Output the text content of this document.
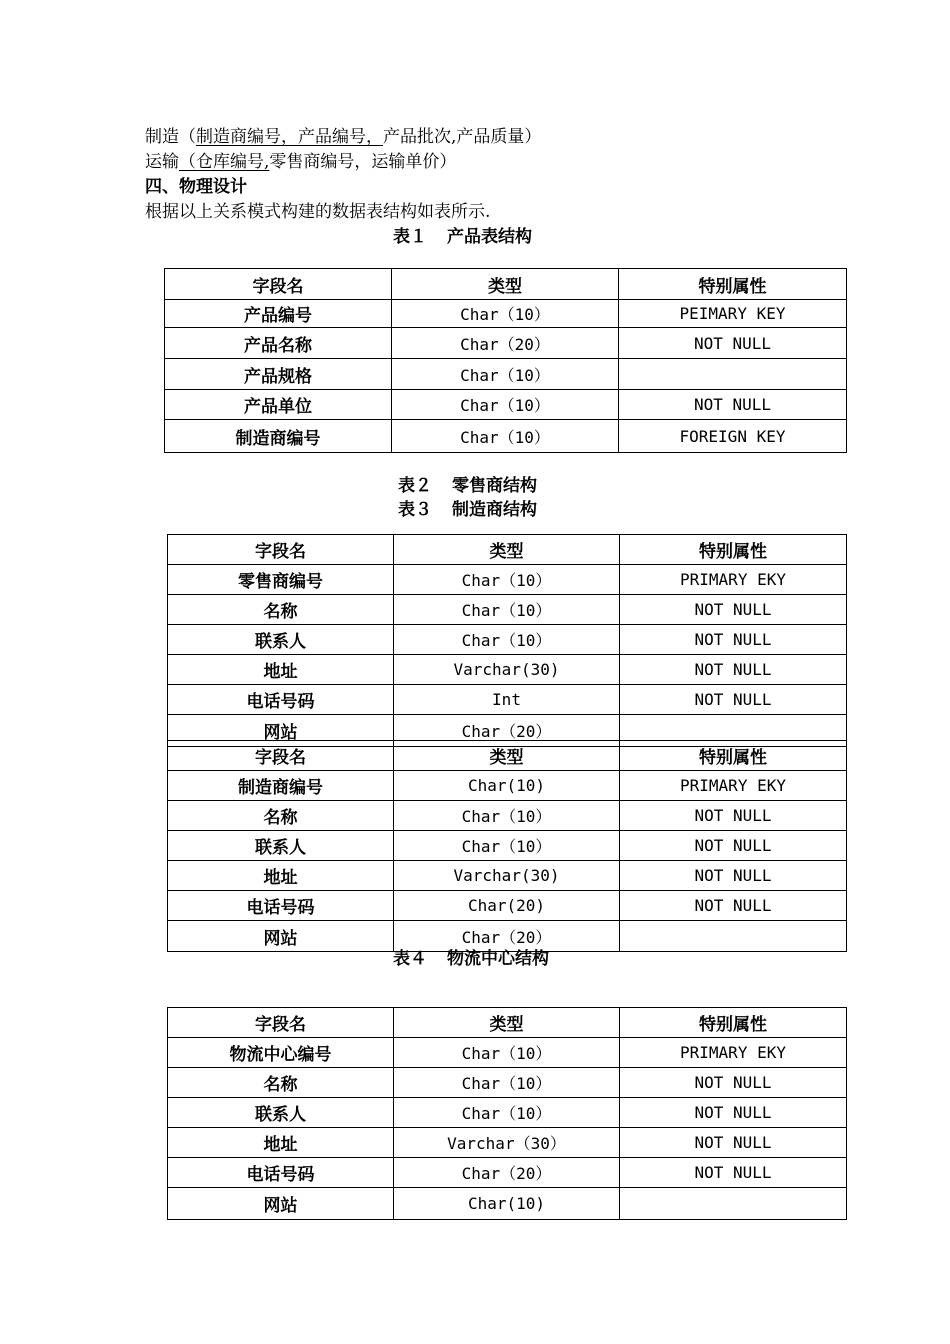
制造（制造商编号，产品编号，产品批次,产品质量）
运输（仓库编号,零售商编号，运输单价）
四、物理设计
根据以上关系模式构建的数据表结构如表所示.
表１ 产品表结构
字段名	类型	特别属性
产品编号	Char（10）	PEIMARY KEY
产品名称	Char（20）	NOT NULL
产品规格	Char（10）	
产品单位	Char（10）	NOT NULL
制造商编号	Char（10）	FOREIGN KEY
表２ 零售商结构
表３ 制造商结构
字段名	类型	特别属性
零售商编号	Char（10）	PRIMARY EKY
名称	Char（10）	NOT NULL
联系人	Char（10）	NOT NULL
地址	Varchar(30)	NOT NULL
电话号码	Int	NOT NULL
网站	Char（20）	
字段名	类型	特别属性
制造商编号	Char(10)	PRIMARY EKY
名称	Char（10）	NOT NULL
联系人	Char（10）	NOT NULL
地址	Varchar(30)	NOT NULL
电话号码	Char(20)	NOT NULL
网站	Char（20）	
表４ 物流中心结构
字段名	类型	特别属性
物流中心编号	Char（10）	PRIMARY EKY
名称	Char（10）	NOT NULL
联系人	Char（10）	NOT NULL
地址	Varchar（30）	NOT NULL
电话号码	Char（20）	NOT NULL
网站	Char(10)	
